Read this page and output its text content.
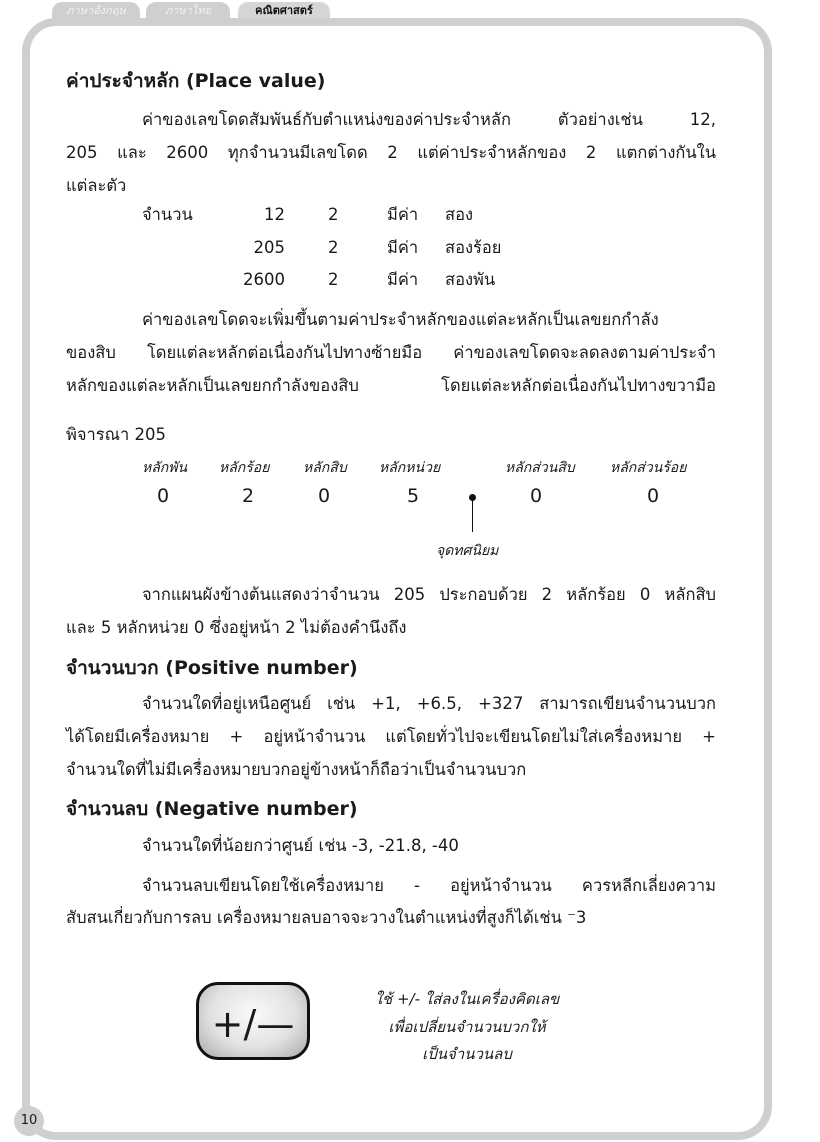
ภาษาอังกฤษ	ภาษาไทย	คณิตศาสตร์
ค่าประจำหลัก (Place value)
ค่าของเลขโดดสัมพันธ์กับตำแหน่งของค่าประจำหลัก ตัวอย่างเช่น 12,
205 และ 2600 ทุกจำนวนมีเลขโดด 2 แต่ค่าประจำหลักของ 2 แตกต่างกันใน
แต่ละตัว
จำนวน	12	2	มีค่า สอง
205	2	มีค่า สองร้อย
2600	2	มีค่า สองพัน
ค่าของเลขโดดจะเพิ่มขึ้นตามค่าประจำหลักของแต่ละหลักเป็นเลขยกกำลัง
ของสิบ โดยแต่ละหลักต่อเนื่องกันไปทางซ้ายมือ ค่าของเลขโดดจะลดลงตามค่าประจำ
หลักของแต่ละหลักเป็นเลขยกกำลังของสิบ โดยแต่ละหลักต่อเนื่องกันไปทางขวามือ
พิจารณา 205
หลักพัน หลักร้อย หลักสิบ หลักหน่วย	หลักส่วนสิบ	หลักส่วนร้อย
0	2	0	5	0	0
จุดทศนิยม
จากแผนผังข้างต้นแสดงว่าจำนวน 205 ประกอบด้วย 2 หลักร้อย 0 หลักสิบ
และ 5 หลักหน่วย 0 ซึ่งอยู่หน้า 2 ไม่ต้องคำนึงถึง
จำนวนบวก (Positive number)
จำนวนใดที่อยู่เหนือศูนย์ เช่น +1, +6.5, +327 สามารถเขียนจำนวนบวก
ได้โดยมีเครื่องหมาย + อยู่หน้าจำนวน แต่โดยทั่วไปจะเขียนโดยไม่ใส่เครื่องหมาย +
จำนวนใดที่ไม่มีเครื่องหมายบวกอยู่ข้างหน้าก็ถือว่าเป็นจำนวนบวก
จำนวนลบ (Negative number)
จำนวนใดที่น้อยกว่าศูนย์ เช่น -3, -21.8, -40
จำนวนลบเขียนโดยใช้เครื่องหมาย - อยู่หน้าจำนวน ควรหลีกเลี่ยงความ
สับสนเกี่ยวกับการลบ เครื่องหมายลบอาจจะวางในตำแหน่งที่สูงก็ได้เช่น ⁻3
+/—
ใช้ +/- ใส่ลงในเครื่องคิดเลข
เพื่อเปลี่ยนจำนวนบวกให้
เป็นจำนวนลบ
10
